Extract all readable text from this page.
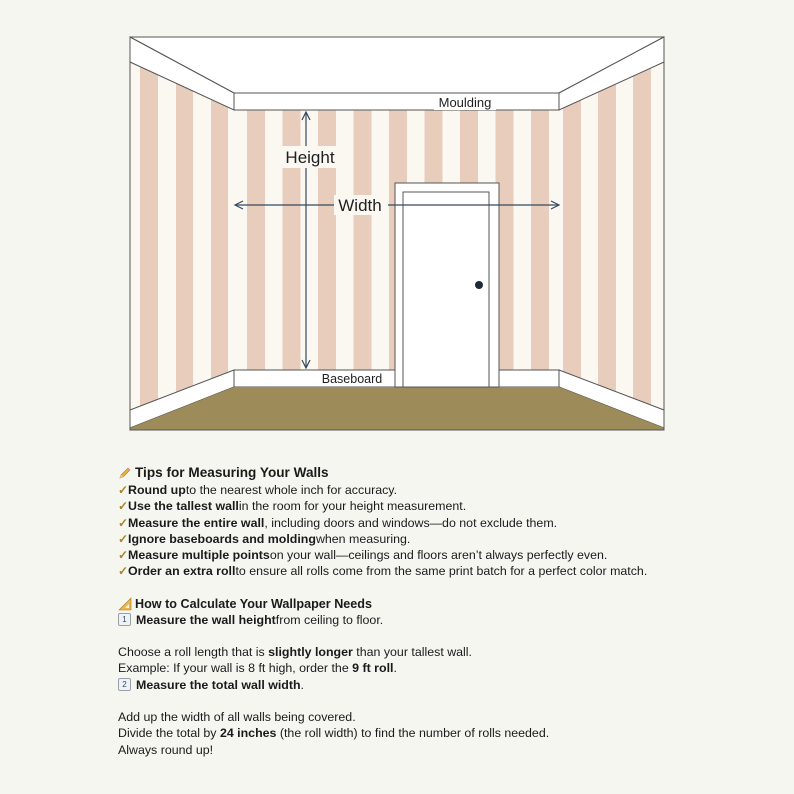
Moulding
Height
Width
Baseboard
Tips for Measuring Your Walls
✓ Round up to the nearest whole inch for accuracy.
✓ Use the tallest wall in the room for your height measurement.
✓ Measure the entire wall , including doors and windows—do not exclude them.
✓ Ignore baseboards and molding when measuring.
✓ Measure multiple points on your wall—ceilings and floors aren’t always perfectly even.
✓ Order an extra roll to ensure all rolls come from the same print batch for a perfect color match.
How to Calculate Your Wallpaper Needs
1 Measure the wall height from ceiling to floor.
Choose a roll length that is slightly longer than your tallest wall.
Example: If your wall is 8 ft high, order the 9 ft roll.
2 Measure the total wall width .
Add up the width of all walls being covered.
Divide the total by 24 inches (the roll width) to find the number of rolls needed.
Always round up!
